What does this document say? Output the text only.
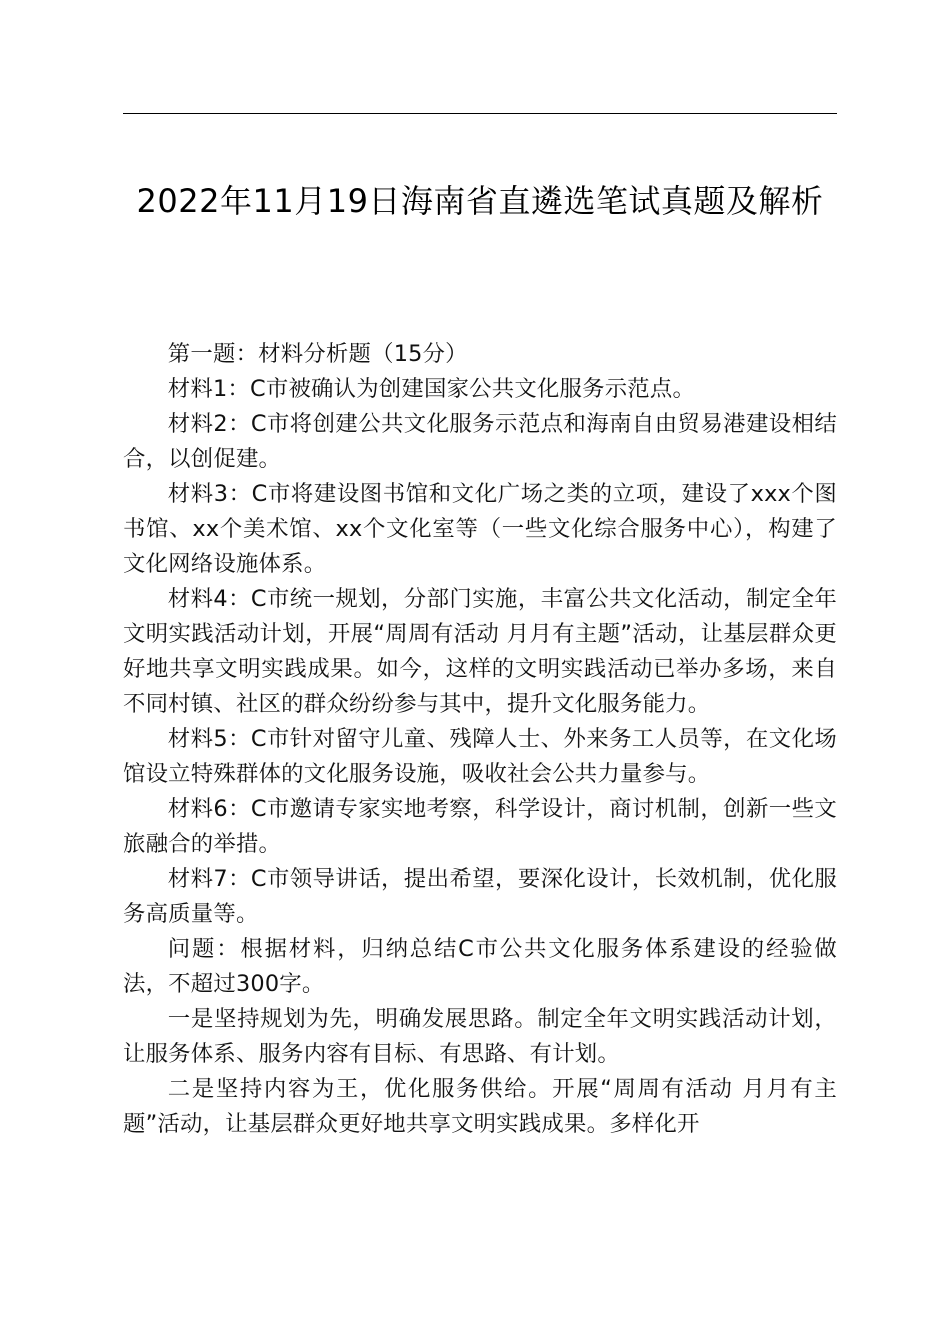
2022年11月19日海南省直遴选笔试真题及解析

第一题：材料分析题（15分）

材料1：C市被确认为创建国家公共文化服务示范点。

材料2：C市将创建公共文化服务示范点和海南自由贸易港建设相结合，以创促建。

材料3：C市将建设图书馆和文化广场之类的立项，建设了xxx个图书馆、xx个美术馆、xx个文化室等（一些文化综合服务中心），构建了文化网络设施体系。

材料4：C市统一规划，分部门实施，丰富公共文化活动，制定全年文明实践活动计划，开展“周周有活动 月月有主题”活动，让基层群众更好地共享文明实践成果。如今，这样的文明实践活动已举办多场，来自不同村镇、社区的群众纷纷参与其中，提升文化服务能力。

材料5：C市针对留守儿童、残障人士、外来务工人员等，在文化场馆设立特殊群体的文化服务设施，吸收社会公共力量参与。

材料6：C市邀请专家实地考察，科学设计，商讨机制，创新一些文旅融合的举措。

材料7：C市领导讲话，提出希望，要深化设计，长效机制，优化服务高质量等。

问题：根据材料，归纳总结C市公共文化服务体系建设的经验做法，不超过300字。

一是坚持规划为先，明确发展思路。制定全年文明实践活动计划，让服务体系、服务内容有目标、有思路、有计划。

二是坚持内容为王，优化服务供给。开展“周周有活动 月月有主题”活动，让基层群众更好地共享文明实践成果。多样化开
